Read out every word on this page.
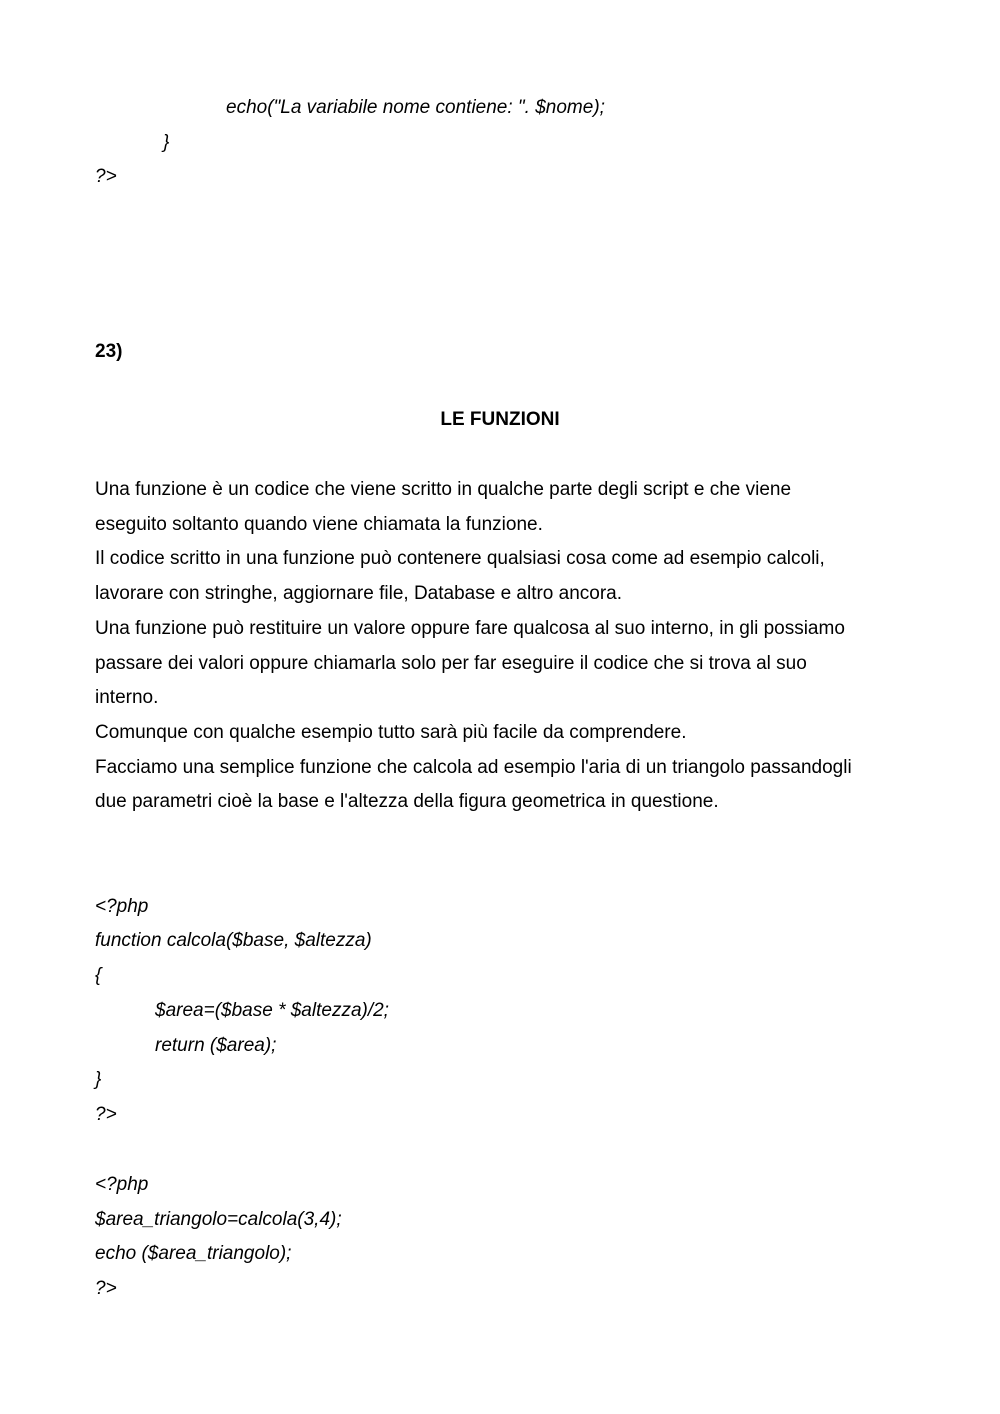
echo("La variabile nome contiene: ". $nome);
}
?>
23)
LE FUNZIONI
Una funzione è un codice che viene scritto in qualche parte degli script e che viene
eseguito soltanto quando viene chiamata la funzione.
Il codice scritto in una funzione può contenere qualsiasi cosa come ad esempio calcoli,
lavorare con stringhe, aggiornare file, Database e altro ancora.
Una funzione può restituire un valore oppure fare qualcosa al suo interno, in gli possiamo
passare dei valori oppure chiamarla solo per far eseguire il codice che si trova al suo
interno.
Comunque con qualche esempio tutto sarà più facile da comprendere.
Facciamo una semplice funzione che calcola ad esempio l'aria di un triangolo passandogli
due parametri cioè la base e l'altezza della figura geometrica in questione.
<?php
function calcola($base, $altezza)
{
$area=($base * $altezza)/2;
return ($area);
}
?>
<?php
$area_triangolo=calcola(3,4);
echo ($area_triangolo);
?>
